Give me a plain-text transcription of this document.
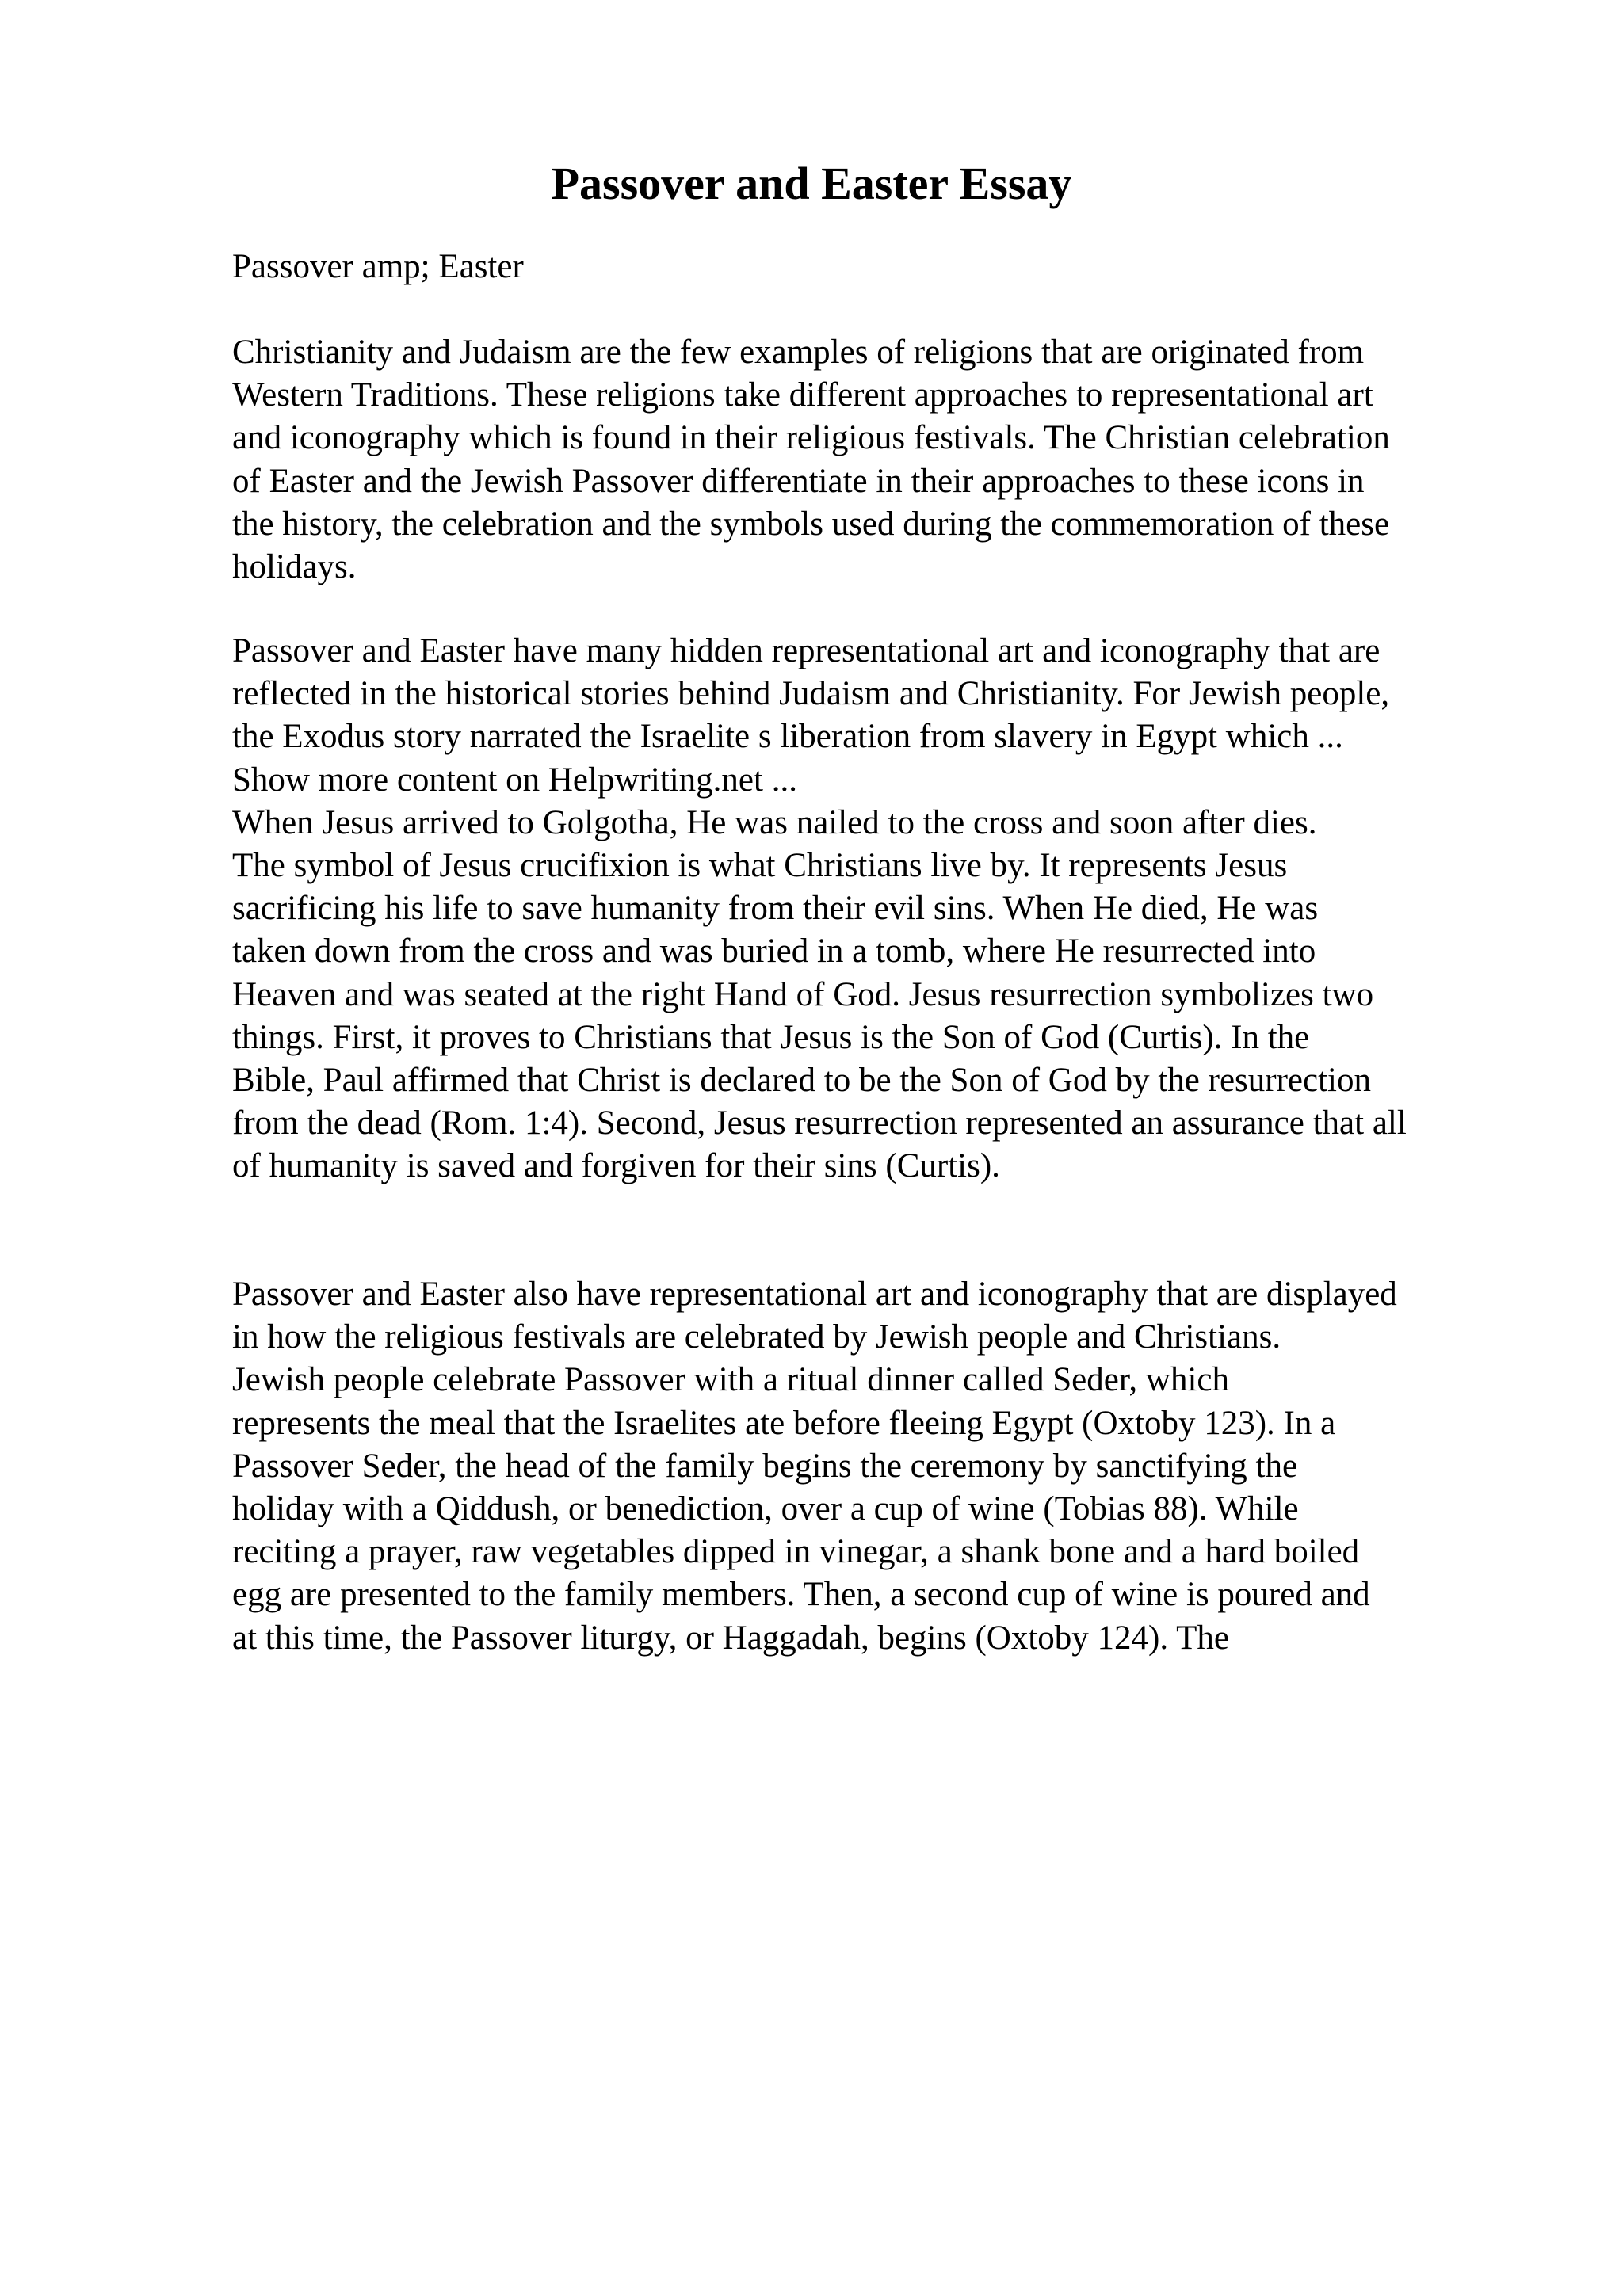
Passover and Easter Essay

Passover amp; Easter

Christianity and Judaism are the few examples of religions that are originated from
Western Traditions. These religions take different approaches to representational art
and iconography which is found in their religious festivals. The Christian celebration
of Easter and the Jewish Passover differentiate in their approaches to these icons in
the history, the celebration and the symbols used during the commemoration of these
holidays.

Passover and Easter have many hidden representational art and iconography that are
reflected in the historical stories behind Judaism and Christianity. For Jewish people,
the Exodus story narrated the Israelite s liberation from slavery in Egypt which ...
Show more content on Helpwriting.net ...
When Jesus arrived to Golgotha, He was nailed to the cross and soon after dies.
The symbol of Jesus crucifixion is what Christians live by. It represents Jesus
sacrificing his life to save humanity from their evil sins. When He died, He was
taken down from the cross and was buried in a tomb, where He resurrected into
Heaven and was seated at the right Hand of God. Jesus resurrection symbolizes two
things. First, it proves to Christians that Jesus is the Son of God (Curtis). In the
Bible, Paul affirmed that Christ is declared to be the Son of God by the resurrection
from the dead (Rom. 1:4). Second, Jesus resurrection represented an assurance that all
of humanity is saved and forgiven for their sins (Curtis).

Passover and Easter also have representational art and iconography that are displayed
in how the religious festivals are celebrated by Jewish people and Christians.
Jewish people celebrate Passover with a ritual dinner called Seder, which
represents the meal that the Israelites ate before fleeing Egypt (Oxtoby 123). In a
Passover Seder, the head of the family begins the ceremony by sanctifying the
holiday with a Qiddush, or benediction, over a cup of wine (Tobias 88). While
reciting a prayer, raw vegetables dipped in vinegar, a shank bone and a hard boiled
egg are presented to the family members. Then, a second cup of wine is poured and
at this time, the Passover liturgy, or Haggadah, begins (Oxtoby 124). The
